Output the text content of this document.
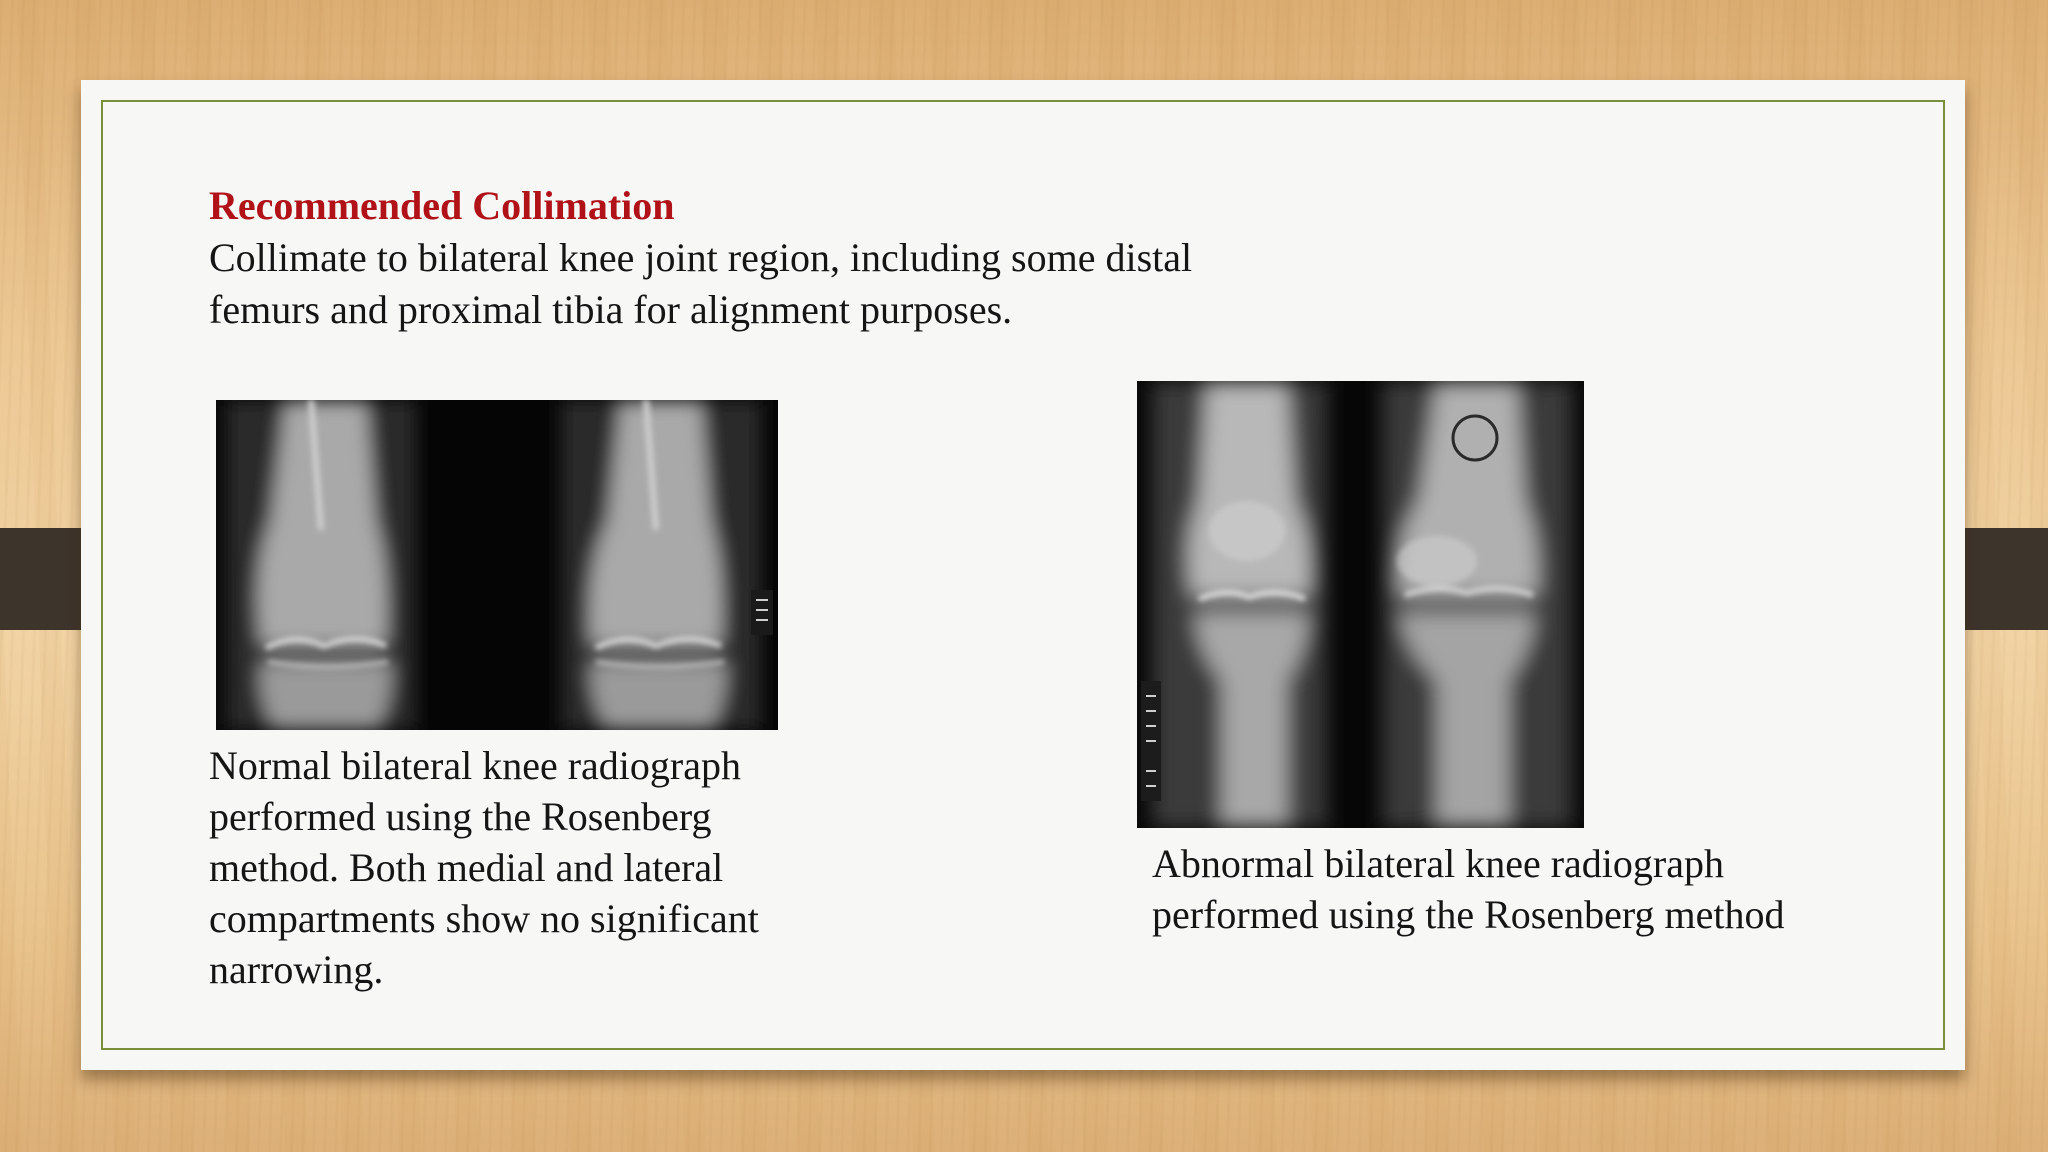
Recommended Collimation
Collimate to bilateral knee joint region, including some distal
femurs and proximal tibia for alignment purposes.
Normal bilateral knee radiograph
performed using the Rosenberg
method. Both medial and lateral
compartments show no significant
narrowing.
Abnormal bilateral knee radiograph
performed using the Rosenberg method
